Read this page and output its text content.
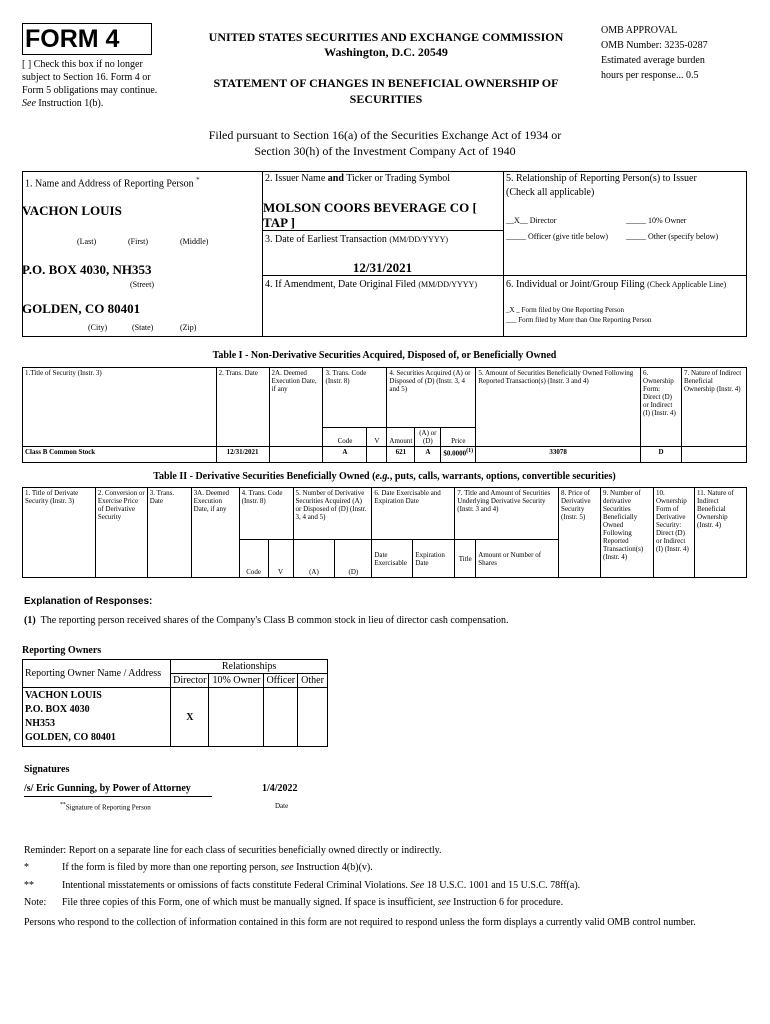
FORM 4
[ ] Check this box if no longer subject to Section 16. Form 4 or Form 5 obligations may continue. See Instruction 1(b).
UNITED STATES SECURITIES AND EXCHANGE COMMISSION
Washington, D.C. 20549
STATEMENT OF CHANGES IN BENEFICIAL OWNERSHIP OF SECURITIES
OMB APPROVAL
OMB Number: 3235-0287
Estimated average burden
hours per response... 0.5
Filed pursuant to Section 16(a) of the Securities Exchange Act of 1934 or
Section 30(h) of the Investment Company Act of 1940
1. Name and Address of Reporting Person *
VACHON LOUIS
(Last)	(First)	(Middle)
P.O. BOX 4030, NH353
(Street)
GOLDEN, CO 80401
(City)	(State)	(Zip)
2. Issuer Name and Ticker or Trading Symbol
MOLSON COORS BEVERAGE CO [ TAP ]
3. Date of Earliest Transaction (MM/DD/YYYY)
12/31/2021
4. If Amendment, Date Original Filed (MM/DD/YYYY)
5. Relationship of Reporting Person(s) to Issuer
(Check all applicable)
__X__ Director	_____ 10% Owner
_____ Officer (give title below) _____ Other (specify below)
6. Individual or Joint/Group Filing (Check Applicable Line)
_X _ Form filed by One Reporting Person
___ Form filed by More than One Reporting Person
Table I - Non-Derivative Securities Acquired, Disposed of, or Beneficially Owned
1.Title of Security (Instr. 3)	2. Trans. Date	2A. Deemed Execution Date, if any	3. Trans. Code (Instr. 8)		4. Securities Acquired (A) or Disposed of (D) (Instr. 3, 4 and 5)			5. Amount of Securities Beneficially Owned Following Reported Transaction(s) (Instr. 3 and 4)	6. Ownership Form: Direct (D) or Indirect (I) (Instr. 4)	7. Nature of Indirect Beneficial Ownership (Instr. 4)
			Code	V	Amount	(A) or (D)	Price			
Class B Common Stock	12/31/2021		A		621	A	$0.0000$^{(1)}$	33078	D	
Table II - Derivative Securities Beneficially Owned (e.g., puts, calls, warrants, options, convertible securities)
1. Title of Derivate Security (Instr. 3)	2. Conversion or Exercise Price of Derivative Security	3. Trans. Date	3A. Deemed Execution Date, if any	4. Trans. Code (Instr. 8)		5. Number of Derivative Securities Acquired (A) or Disposed of (D) (Instr. 3, 4 and 5)		6. Date Exercisable and Expiration Date		7. Title and Amount of Securities Underlying Derivative Security (Instr. 3 and 4)		8. Price of Derivative Security (Instr. 5)	9. Number of derivative Securities Beneficially Owned Following Reported Transaction(s) (Instr. 4)	10. Ownership Form of Derivative Security: Direct (D) or Indirect (I) (Instr. 4)	11. Nature of Indirect Beneficial Ownership (Instr. 4)
				Code	V	(A)	(D)	Date Exercisable	Expiration Date	Title	Amount or Number of Shares				
Explanation of Responses:
(1) The reporting person received shares of the Company's Class B common stock in lieu of director cash compensation.
Reporting Owners
Reporting Owner Name / Address	Relationships			
	Director	10% Owner	Officer	Other

VACHON LOUIS
P.O. BOX 4030
NH353
GOLDEN, CO 80401	X			
Signatures
/s/ Eric Gunning, by Power of Attorney	1/4/2022
**Signature of Reporting Person	Date
Reminder: Report on a separate line for each class of securities beneficially owned directly or indirectly.
*	If the form is filed by more than one reporting person, see Instruction 4(b)(v).
**	Intentional misstatements or omissions of facts constitute Federal Criminal Violations. See 18 U.S.C. 1001 and 15 U.S.C. 78ff(a).
Note: File three copies of this Form, one of which must be manually signed. If space is insufficient, see Instruction 6 for procedure.
Persons who respond to the collection of information contained in this form are not required to respond unless the form displays a currently valid OMB control number.
